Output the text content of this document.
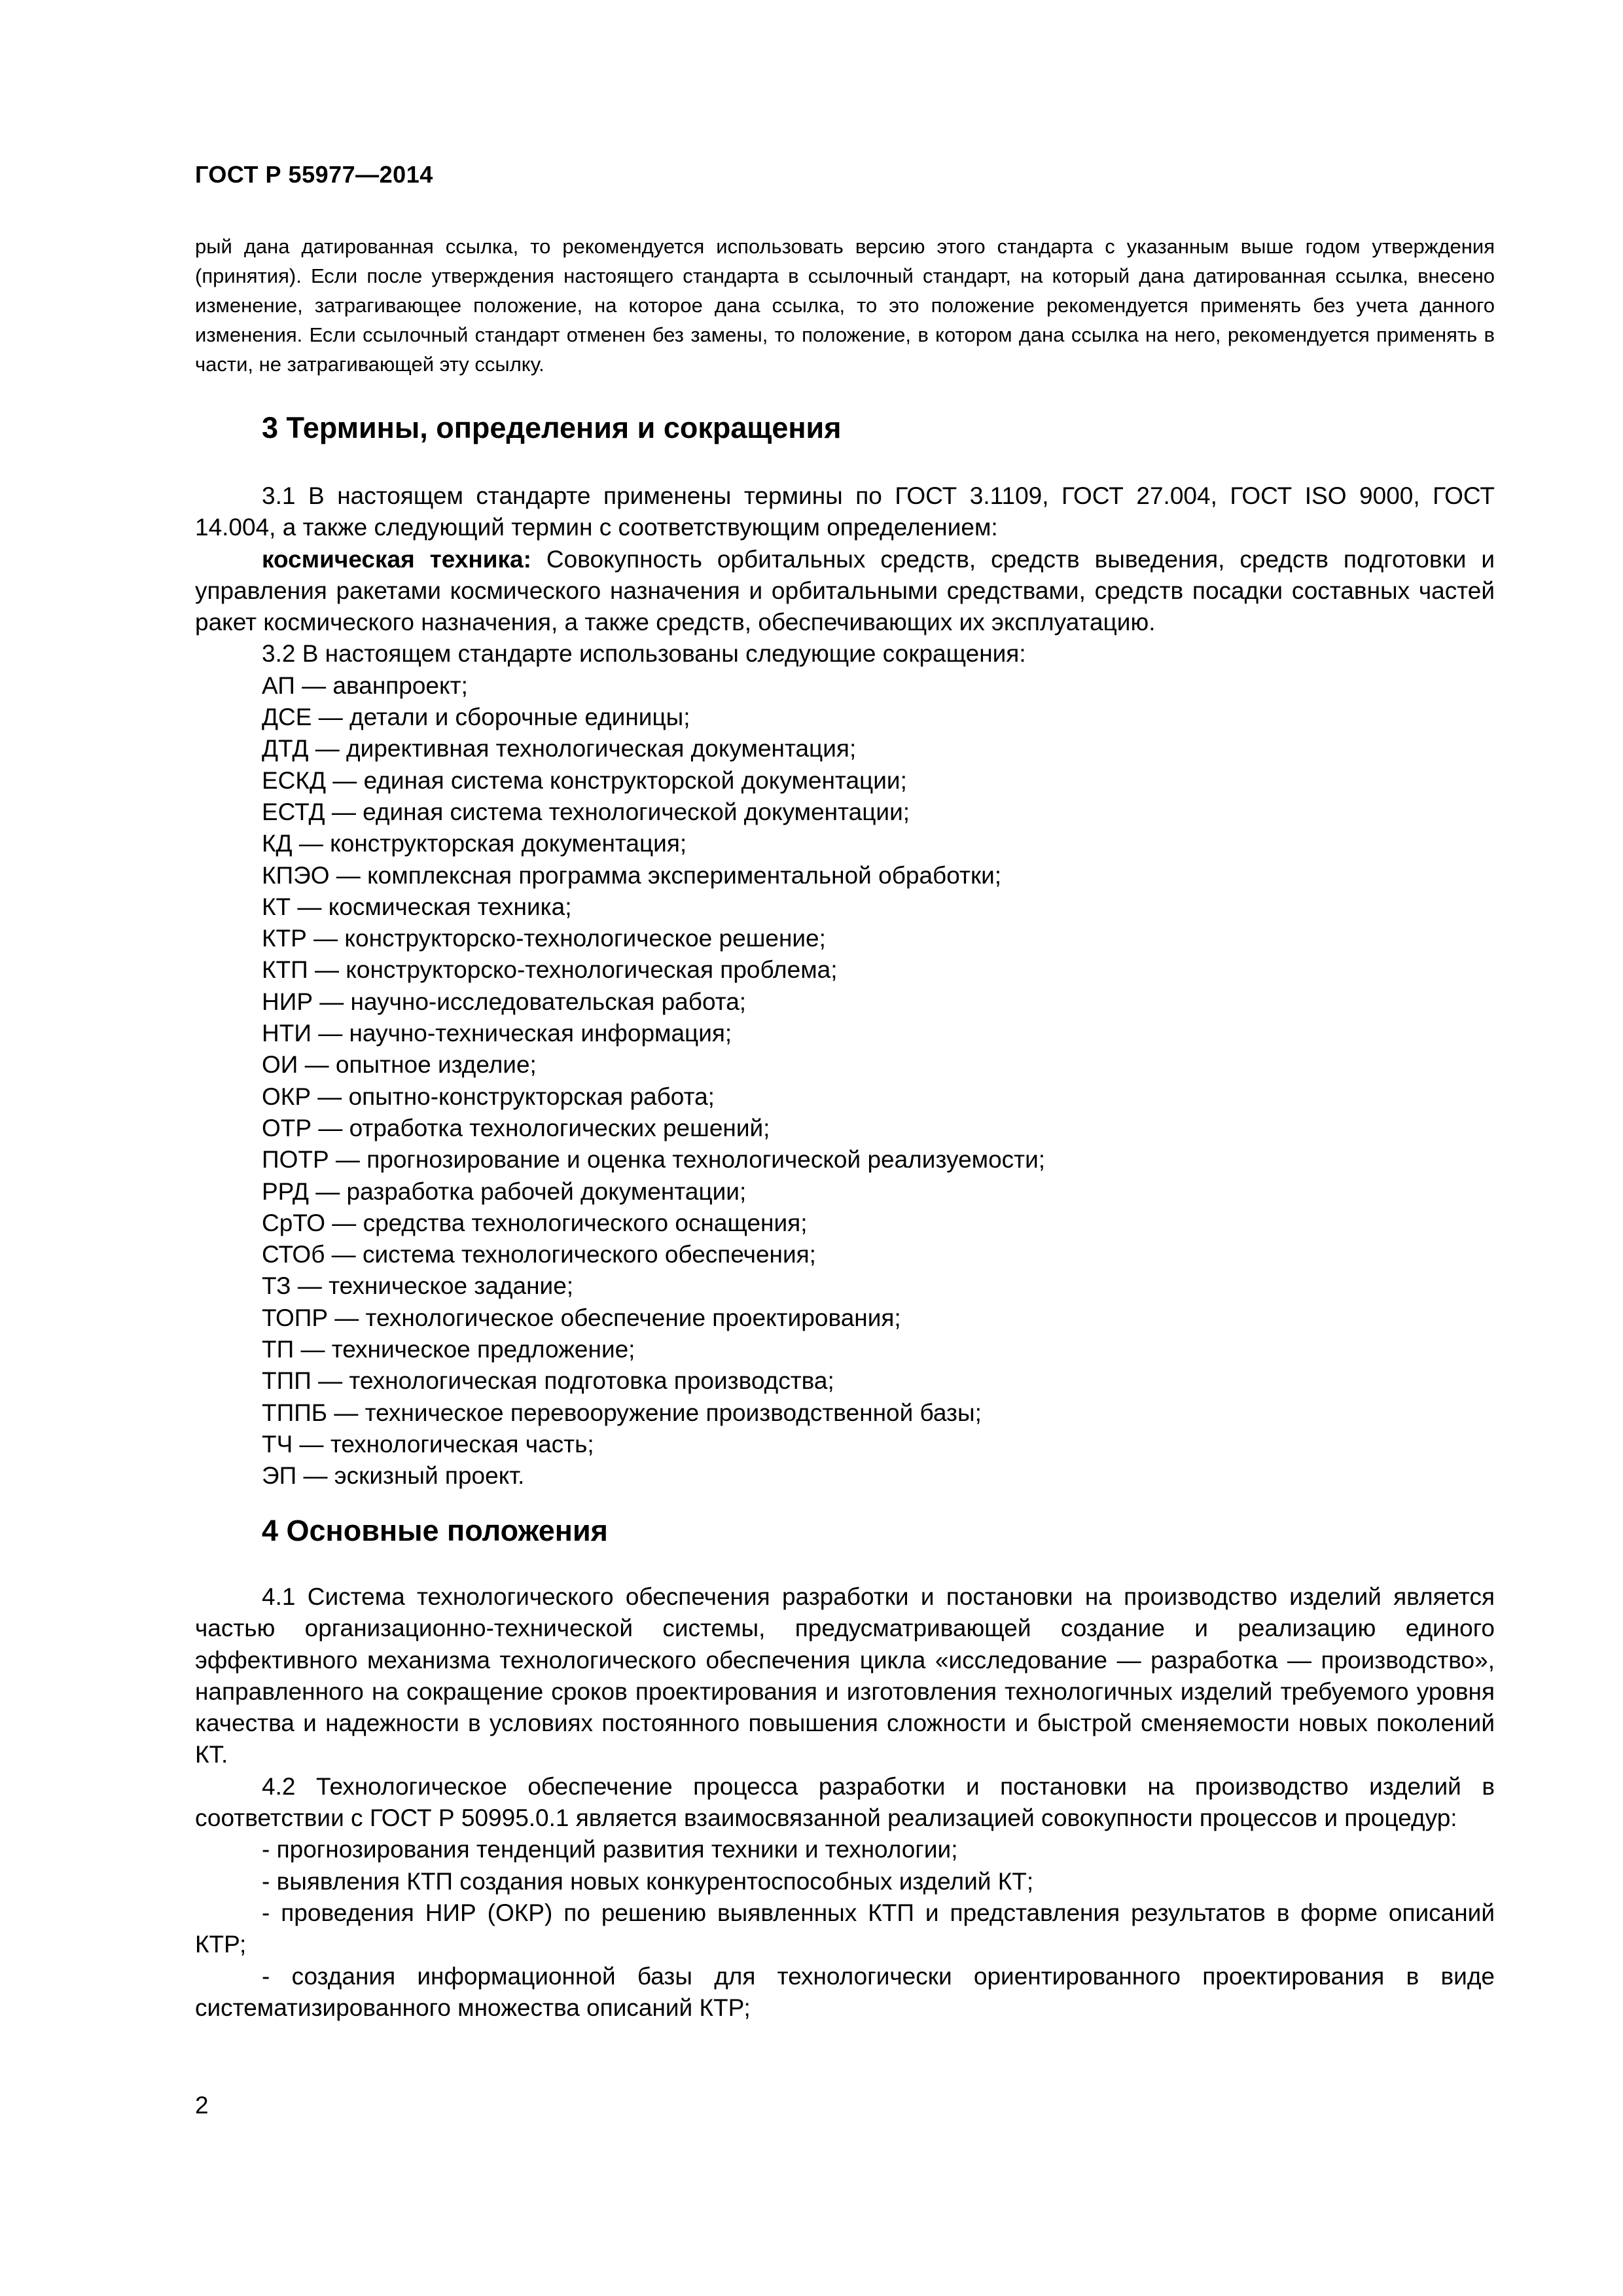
ГОСТ Р 55977—2014
рый дана датированная ссылка, то рекомендуется использовать версию этого стандарта с указанным выше годом утверждения (принятия). Если после утверждения настоящего стандарта в ссылочный стандарт, на который дана датированная ссылка, внесено изменение, затрагивающее положение, на которое дана ссылка, то это положение рекомендуется применять без учета данного изменения. Если ссылочный стандарт отменен без замены, то положение, в котором дана ссылка на него, рекомендуется применять в части, не затрагивающей эту ссылку.
3 Термины, определения и сокращения

3.1 В настоящем стандарте применены термины по ГОСТ 3.1109, ГОСТ 27.004, ГОСТ ISO 9000, ГОСТ 14.004, а также следующий термин с соответствующим определением:

космическая техника: Совокупность орбитальных средств, средств выведения, средств подготовки и управления ракетами космического назначения и орбитальными средствами, средств посадки составных частей ракет космического назначения, а также средств, обеспечивающих их эксплуатацию.

3.2 В настоящем стандарте использованы следующие сокращения:

АП — аванпроект;
ДСЕ — детали и сборочные единицы;
ДТД — директивная технологическая документация;
ЕСКД — единая система конструкторской документации;
ЕСТД — единая система технологической документации;
КД — конструкторская документация;
КПЭО — комплексная программа экспериментальной обработки;
КТ — космическая техника;
КТР — конструкторско-технологическое решение;
КТП — конструкторско-технологическая проблема;
НИР — научно-исследовательская работа;
НТИ — научно-техническая информация;
ОИ — опытное изделие;
ОКР — опытно-конструкторская работа;
ОТР — отработка технологических решений;
ПОТР — прогнозирование и оценка технологической реализуемости;
РРД — разработка рабочей документации;
СрТО — средства технологического оснащения;
СТОб — система технологического обеспечения;
ТЗ — техническое задание;
ТОПР — технологическое обеспечение проектирования;
ТП — техническое предложение;
ТПП — технологическая подготовка производства;
ТППБ — техническое перевооружение производственной базы;
ТЧ — технологическая часть;
ЭП — эскизный проект.
4 Основные положения

4.1 Система технологического обеспечения разработки и постановки на производство изделий является частью организационно-технической системы, предусматривающей создание и реализацию единого эффективного механизма технологического обеспечения цикла «исследование — разработка — производство», направленного на сокращение сроков проектирования и изготовления технологичных изделий требуемого уровня качества и надежности в условиях постоянного повышения сложности и быстрой сменяемости новых поколений КТ.

4.2 Технологическое обеспечение процесса разработки и постановки на производство изделий в соответствии с ГОСТ Р 50995.0.1 является взаимосвязанной реализацией совокупности процессов и процедур:

- прогнозирования тенденций развития техники и технологии;

- выявления КТП создания новых конкурентоспособных изделий КТ;

- проведения НИР (ОКР) по решению выявленных КТП и представления результатов в форме описаний КТР;

- создания информационной базы для технологически ориентированного проектирования в виде систематизированного множества описаний КТР;

2
